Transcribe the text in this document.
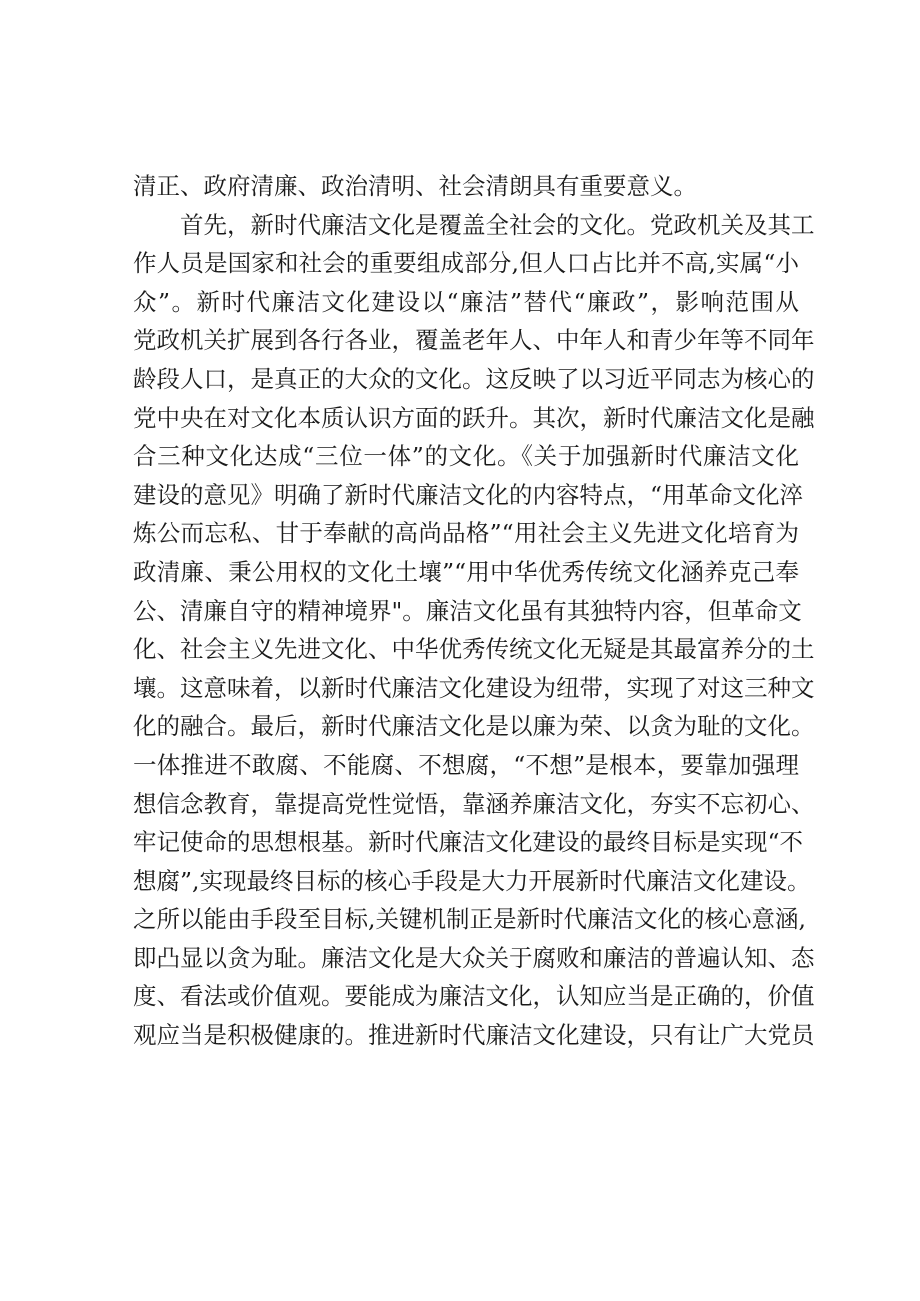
清正、政府清廉、政治清明、社会清朗具有重要意义。
首先，新时代廉洁文化是覆盖全社会的文化。党政机关及其工
作人员是国家和社会的重要组成部分,但人口占比并不高,实属“小
众”。新时代廉洁文化建设以“廉洁”替代“廉政”，影响范围从
党政机关扩展到各行各业，覆盖老年人、中年人和青少年等不同年
龄段人口，是真正的大众的文化。这反映了以习近平同志为核心的
党中央在对文化本质认识方面的跃升。其次，新时代廉洁文化是融
合三种文化达成“三位一体”的文化。《关于加强新时代廉洁文化
建设的意见》明确了新时代廉洁文化的内容特点，“用革命文化淬
炼公而忘私、甘于奉献的高尚品格”“用社会主义先进文化培育为
政清廉、秉公用权的文化土壤”“用中华优秀传统文化涵养克己奉
公、清廉自守的精神境界"。廉洁文化虽有其独特内容，但革命文
化、社会主义先进文化、中华优秀传统文化无疑是其最富养分的土
壤。这意味着，以新时代廉洁文化建设为纽带，实现了对这三种文
化的融合。最后，新时代廉洁文化是以廉为荣、以贪为耻的文化。
一体推进不敢腐、不能腐、不想腐，“不想”是根本，要靠加强理
想信念教育，靠提高党性觉悟，靠涵养廉洁文化，夯实不忘初心、
牢记使命的思想根基。新时代廉洁文化建设的最终目标是实现“不
想腐”,实现最终目标的核心手段是大力开展新时代廉洁文化建设。
之所以能由手段至目标,关键机制正是新时代廉洁文化的核心意涵,
即凸显以贪为耻。廉洁文化是大众关于腐败和廉洁的普遍认知、态
度、看法或价值观。要能成为廉洁文化，认知应当是正确的，价值
观应当是积极健康的。推进新时代廉洁文化建设，只有让广大党员
